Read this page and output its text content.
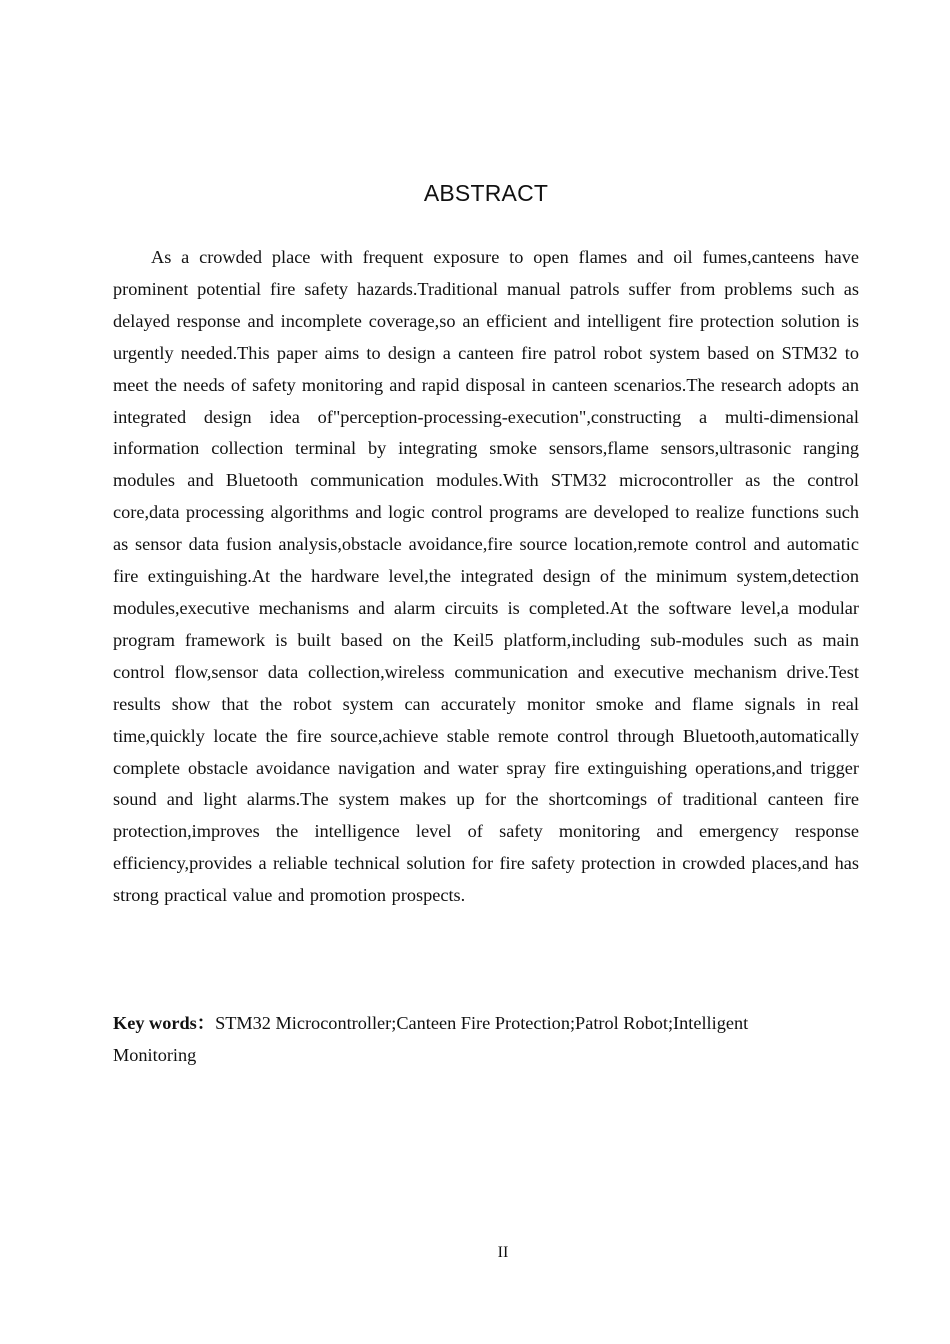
ABSTRACT

As a crowded place with frequent exposure to open flames and oil fumes,canteens have prominent potential fire safety hazards.Traditional manual patrols suffer from problems such as delayed response and incomplete coverage,so an efficient and intelligent fire protection solution is urgently needed.This paper aims to design a canteen fire patrol robot system based on STM32 to meet the needs of safety monitoring and rapid disposal in canteen scenarios.The research adopts an integrated design idea of"perception-processing-execution",constructing a multi-dimensional information collection terminal by integrating smoke sensors,flame sensors,ultrasonic ranging modules and Bluetooth communication modules.With STM32 microcontroller as the control core,data processing algorithms and logic control programs are developed to realize functions such as sensor data fusion analysis,obstacle avoidance,fire source location,remote control and automatic fire extinguishing.At the hardware level,the integrated design of the minimum system,detection modules,executive mechanisms and alarm circuits is completed.At the software level,a modular program framework is built based on the Keil5 platform,including sub-modules such as main control flow,sensor data collection,wireless communication and executive mechanism drive.Test results show that the robot system can accurately monitor smoke and flame signals in real time,quickly locate the fire source,achieve stable remote control through Bluetooth,automatically complete obstacle avoidance navigation and water spray fire extinguishing operations,and trigger sound and light alarms.The system makes up for the shortcomings of traditional canteen fire protection,improves the intelligence level of safety monitoring and emergency response efficiency,provides a reliable technical solution for fire safety protection in crowded places,and has strong practical value and promotion prospects.

Key words：STM32 Microcontroller;Canteen Fire Protection;Patrol Robot;Intelligent Monitoring

II
